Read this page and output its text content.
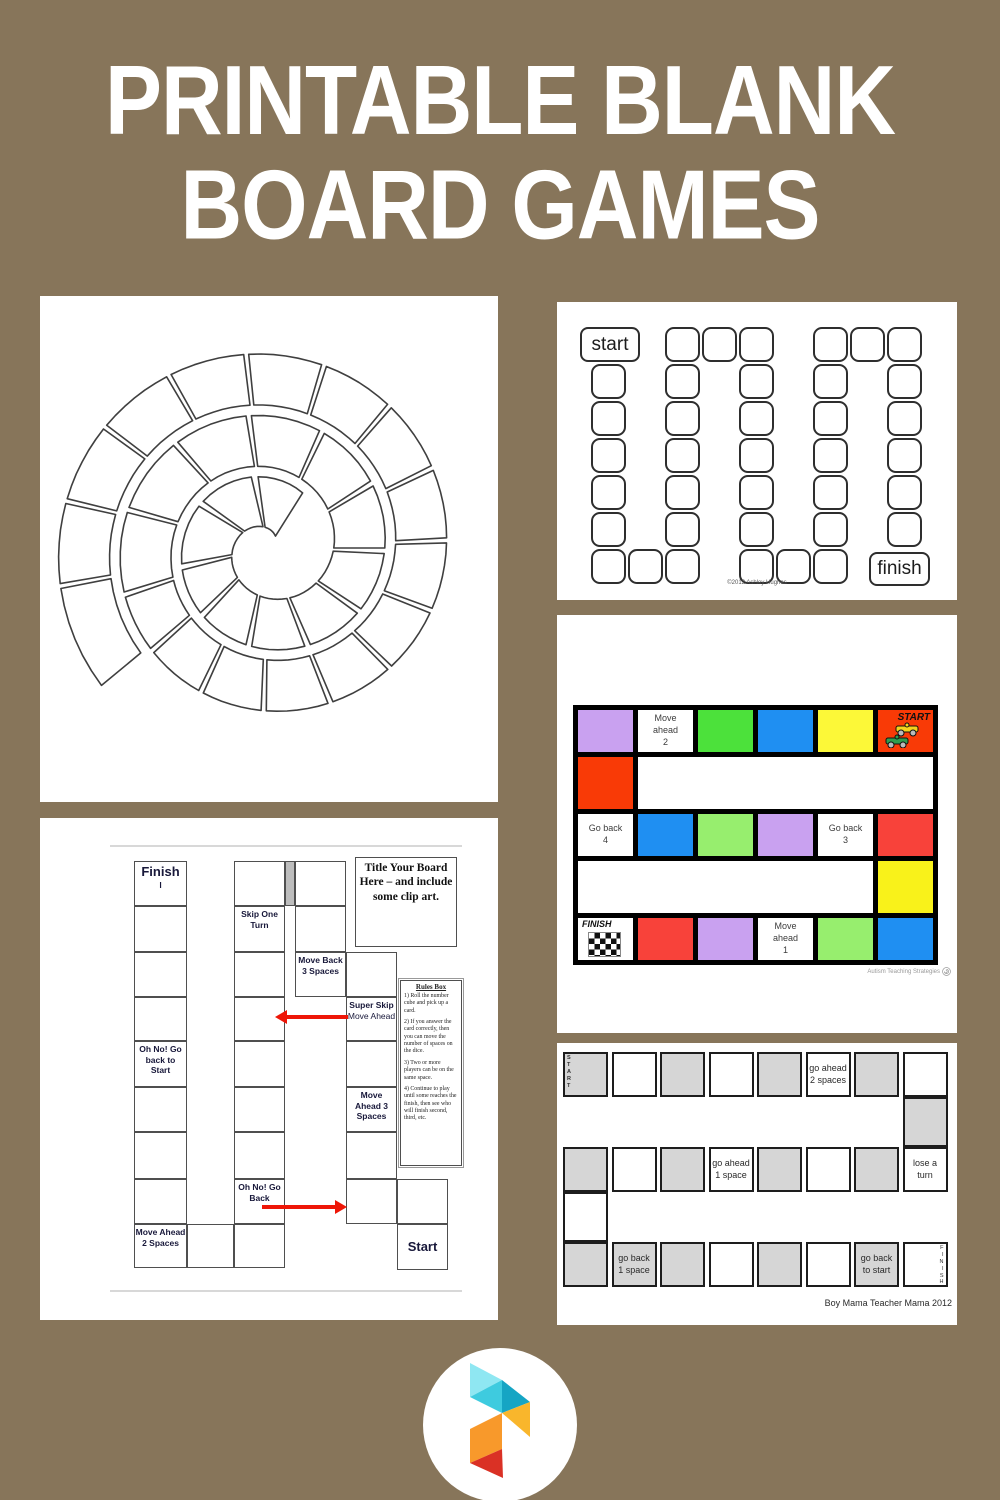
PRINTABLE BLANK
BOARD GAMES
start
finish
©2012 Ashley Hughes
Move
ahead
2
START
Go back
4
Go back
3
FINISH	Move
ahead
1
Autism Teaching Strategies
Finish
l
Oh No! Go back to Start
Move Ahead 2 Spaces
Skip One Turn
Oh No! Go Back
Move Back 3 Spaces
Super Skip
Move Ahead
Move Ahead 3 Spaces
Start
Title Your Board Here – and include some clip art.
Rules Box

1) Roll the number cube and pick up a card.

2) If you answer the card correctly, then you can move the number of spaces on the dice.

3) Two or more players can be on the same space.

4) Continue to play until some reaches the finish, then see who will finish second, third, etc.

S
T
A
R
T
go ahead
2 spaces
go ahead
1 space
lose a
turn
go back
1 space
go back
to start
F
I
N
I
S
H
Boy Mama Teacher Mama 2012
